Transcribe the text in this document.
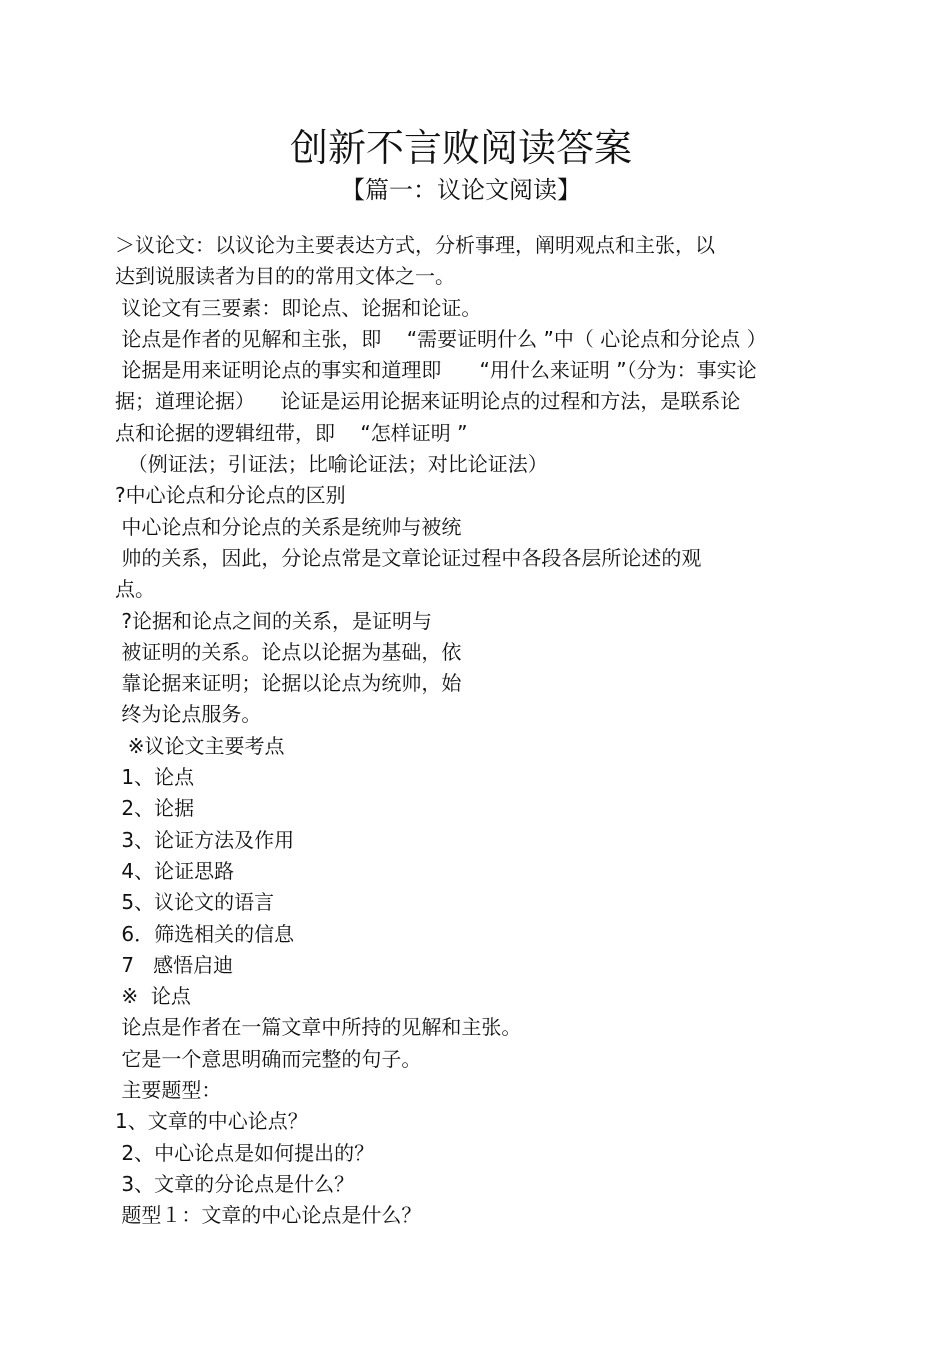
创新不言败阅读答案
【篇一：议论文阅读】
＞议论文：以议论为主要表达方式，分析事理，阐明观点和主张，以
达到说服读者为目的的常用文体之一。
议论文有三要素：即论点、论据和论证。
论点是作者的见解和主张，即    “需要证明什么 ”中（ 心论点和分论点 ）
论据是用来证明论点的事实和道理即      “用什么来证明 ”（分为：事实论
据；道理论据）    论证是运用论据来证明论点的过程和方法，是联系论
点和论据的逻辑纽带，即    “怎样证明 ”
（例证法；引证法；比喻论证法；对比论证法）
?中心论点和分论点的区别
中心论点和分论点的关系是统帅与被统
帅的关系，因此，分论点常是文章论证过程中各段各层所论述的观
点。
?论据和论点之间的关系，是证明与
被证明的关系。论点以论据为基础，依
靠论据来证明；论据以论点为统帅，始
终为论点服务。
※议论文主要考点
1、论点
2、论据
3、论证方法及作用
4、论证思路
5、议论文的语言
6．筛选相关的信息
7   感悟启迪
※  论点
论点是作者在一篇文章中所持的见解和主张。
它是一个意思明确而完整的句子。
主要题型：
1、文章的中心论点？
2、中心论点是如何提出的？
3、文章的分论点是什么？
题型１：文章的中心论点是什么？
